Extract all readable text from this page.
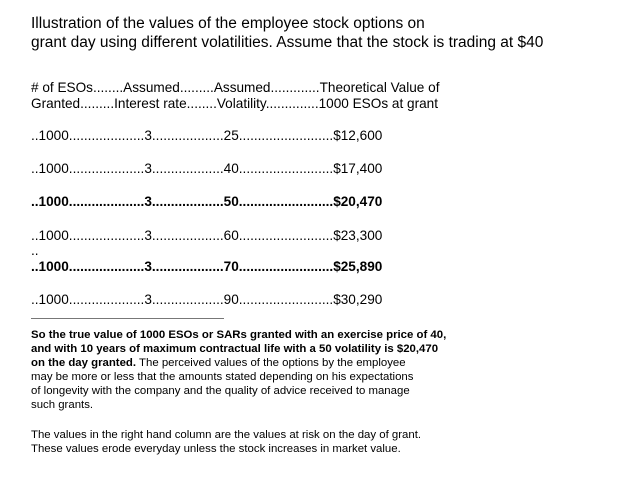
Illustration of the values of the employee stock options on
grant day using different volatilities. Assume that the stock is trading at $40
# of ESOs........Assumed.........Assumed.............Theoretical Value of
Granted.........Interest rate........Volatility..............1000 ESOs at grant
..1000....................3...................25.........................$12,600
..1000....................3...................40.........................$17,400
..1000....................3...................50.........................$20,470
..1000....................3...................60.........................$23,300
..
..1000....................3...................70.........................$25,890
..1000....................3...................90.........................$30,290
So the true value of 1000 ESOs or SARs granted with an exercise price of 40,
and with 10 years of maximum contractual life with a 50 volatility is $20,470
on the day granted. The perceived values of the options by the employee
may be more or less that the amounts stated depending on his expectations
of longevity with the company and the quality of advice received to manage
such grants.
The values in the right hand column are the values at risk on the day of grant.
These values erode everyday unless the stock increases in market value.
